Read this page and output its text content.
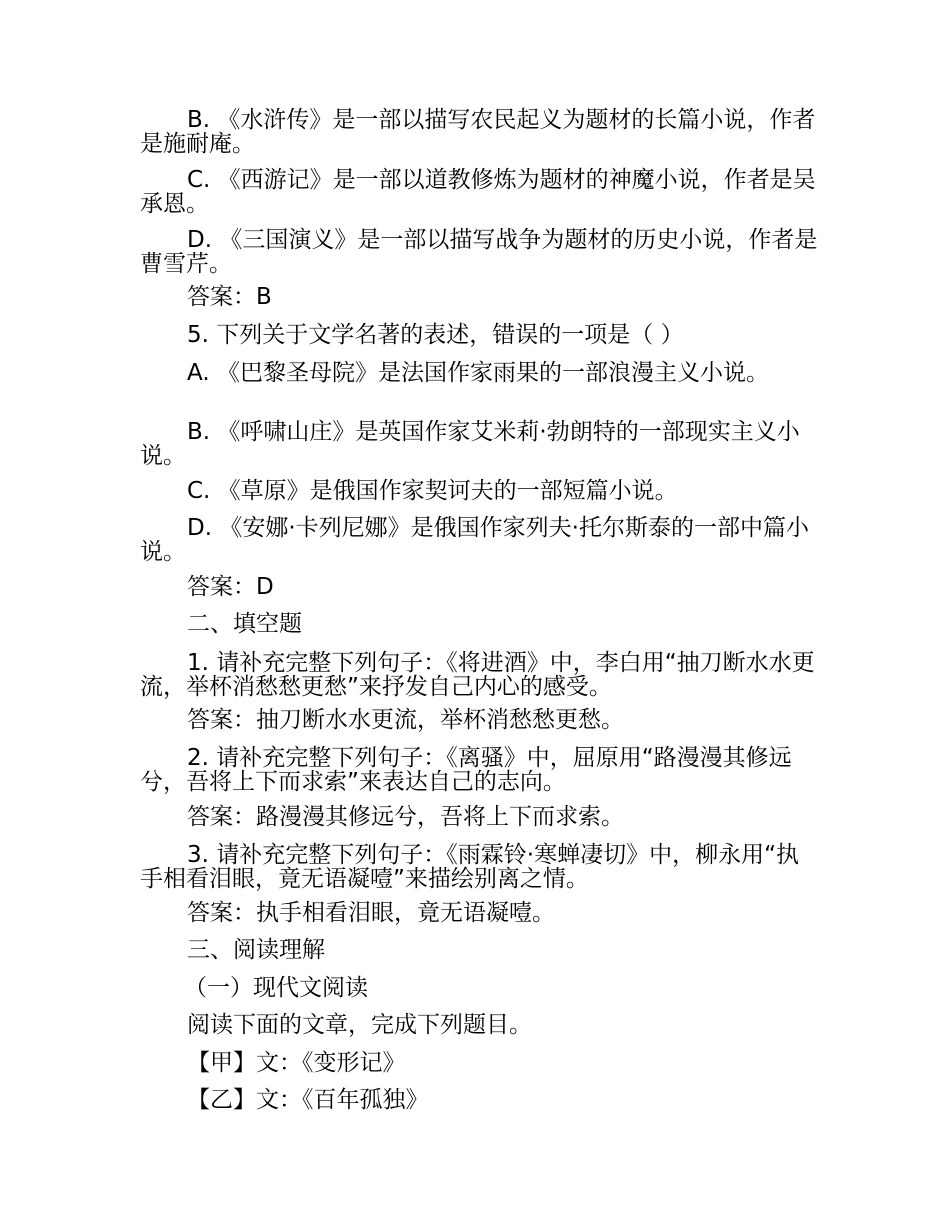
B. 《水浒传》是一部以描写农民起义为题材的长篇小说，作者是施耐庵。
C. 《西游记》是一部以道教修炼为题材的神魔小说，作者是吴承恩。
D. 《三国演义》是一部以描写战争为题材的历史小说，作者是曹雪芹。
答案：B
5. 下列关于文学名著的表述，错误的一项是（ ）
A. 《巴黎圣母院》是法国作家雨果的一部浪漫主义小说。
B. 《呼啸山庄》是英国作家艾米莉·勃朗特的一部现实主义小说。
C. 《草原》是俄国作家契诃夫的一部短篇小说。
D. 《安娜·卡列尼娜》是俄国作家列夫·托尔斯泰的一部中篇小说。
答案：D
二、填空题
1. 请补充完整下列句子：《将进酒》中，李白用“抽刀断水水更流，举杯消愁愁更愁”来抒发自己内心的感受。
答案：抽刀断水水更流，举杯消愁愁更愁。
2. 请补充完整下列句子：《离骚》中，屈原用“路漫漫其修远兮，吾将上下而求索”来表达自己的志向。
答案：路漫漫其修远兮，吾将上下而求索。
3. 请补充完整下列句子：《雨霖铃·寒蝉凄切》中，柳永用“执手相看泪眼，竟无语凝噎”来描绘别离之情。
答案：执手相看泪眼，竟无语凝噎。
三、阅读理解
（一）现代文阅读
阅读下面的文章，完成下列题目。
【甲】文：《变形记》
【乙】文：《百年孤独》
